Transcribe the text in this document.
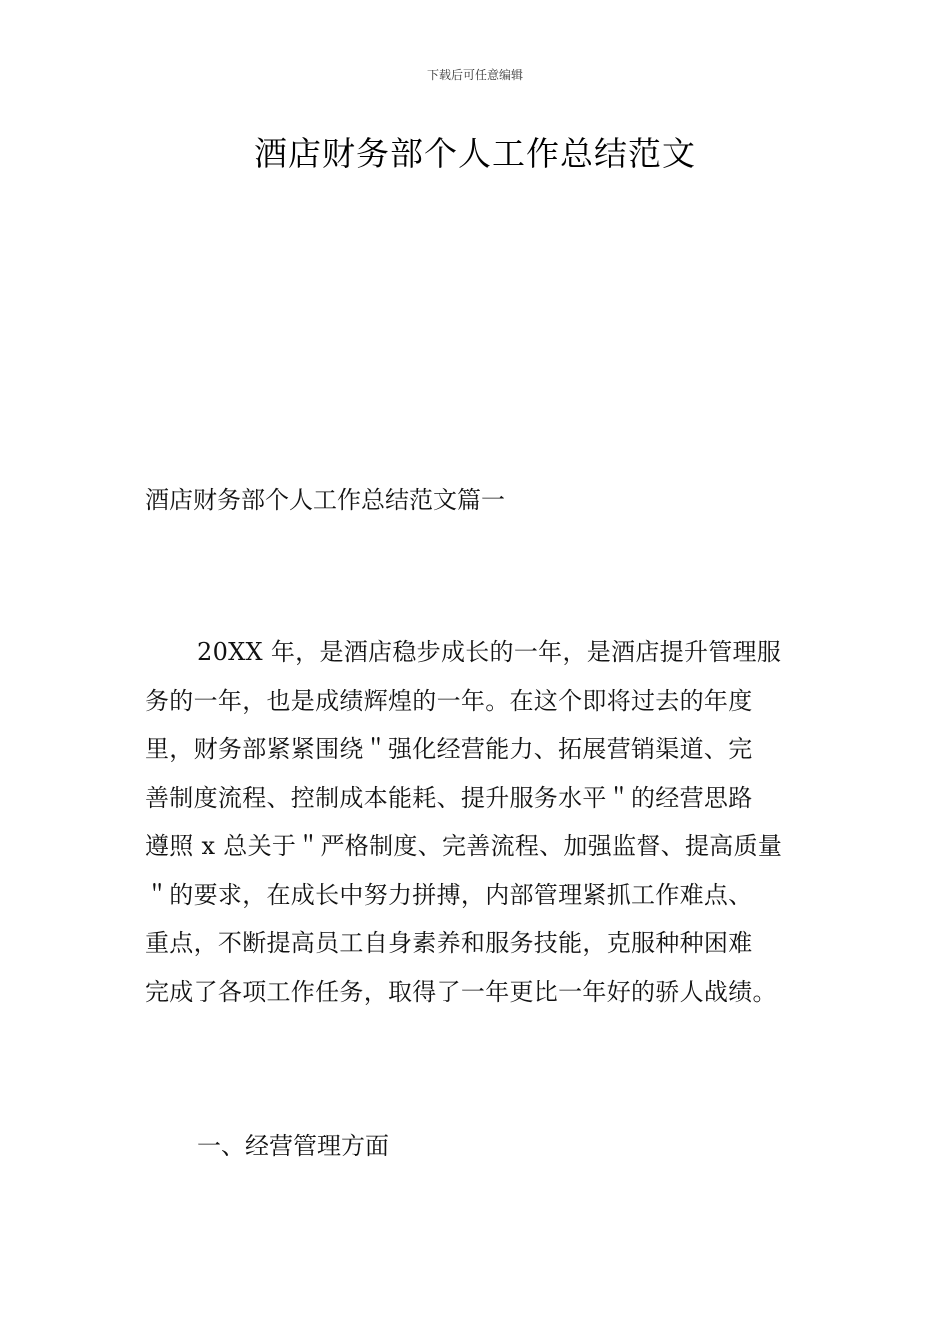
下载后可任意编辑
酒店财务部个人工作总结范文
酒店财务部个人工作总结范文篇一

20XX 年，是酒店稳步成长的一年，是酒店提升管理服
务的一年，也是成绩辉煌的一年。在这个即将过去的年度
里，财务部紧紧围绕＂强化经营能力、拓展营销渠道、完
善制度流程、控制成本能耗、提升服务水平＂的经营思路
遵照 x 总关于＂严格制度、完善流程、加强监督、提高质量
＂的要求，在成长中努力拼搏，内部管理紧抓工作难点、
重点，不断提高员工自身素养和服务技能，克服种种困难
完成了各项工作任务，取得了一年更比一年好的骄人战绩。

一、经营管理方面
